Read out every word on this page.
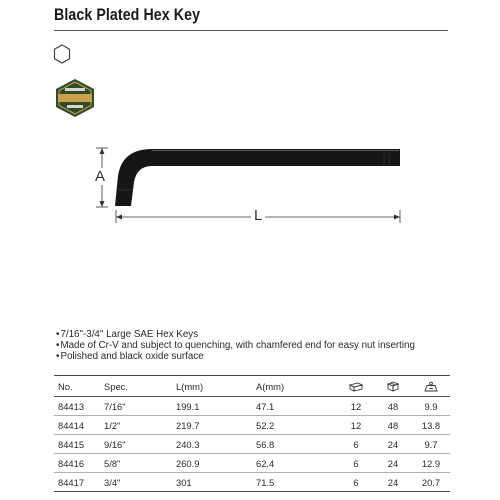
Black Plated Hex Key
A
L
• 7/16"-3/4" Large SAE Hex Keys
• Made of Cr-V and subject to quenching, with chamfered end for easy nut inserting
• Polished and black oxide surface
No.	Spec.	L(mm)	A(mm)			
84413	7/16"	199.1	47.1	12	48	9.9
84414	1/2"	219.7	52.2	12	48	13.8
84415	9/16"	240.3	56.8	6	24	9.7
84416	5/8"	260.9	62.4	6	24	12.9
84417	3/4"	301	71.5	6	24	20.7
